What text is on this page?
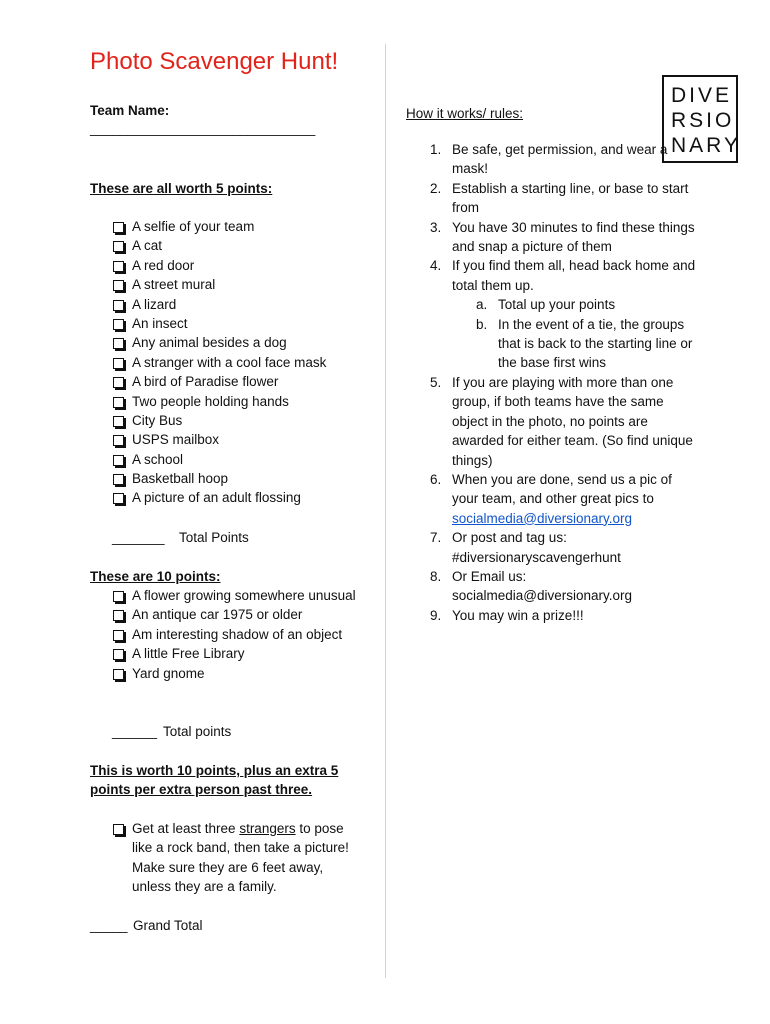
Photo Scavenger Hunt!
Team Name:
______________________________
These are all worth 5 points:
A selfie of your team
A cat
A red door
A street mural
A lizard
An insect
Any animal besides a dog
A stranger with a cool face mask
A bird of Paradise flower
Two people holding hands
City Bus
USPS mailbox
A school
Basketball hoop
A picture of an adult flossing
_______ Total Points
These are 10 points:
A flower growing somewhere unusual
An antique car 1975 or older
Am interesting shadow of an object
A little Free Library
Yard gnome
______ Total points
This is worth 10 points, plus an extra 5
points per extra person past three.
Get at least three strangers to pose like a rock band, then take a picture! Make sure they are 6 feet away, unless they are a family.
_____ Grand Total
How it works/ rules:
1. Be safe, get permission, and wear a mask!
2. Establish a starting line, or base to start from
3. You have 30 minutes to find these things and snap a picture of them
4. If you find them all, head back home and total them up.
a. Total up your points
b. In the event of a tie, the groups that is back to the starting line or the base first wins
5. If you are playing with more than one group, if both teams have the same object in the photo, no points are awarded for either team. (So find unique things)
6. When you are done, send us a pic of your team, and other great pics to socialmedia@diversionary.org
7. Or post and tag us: #diversionaryscavengerhunt
8. Or Email us: socialmedia@diversionary.org
9. You may win a prize!!!
DIVE
RSIO
NARY
